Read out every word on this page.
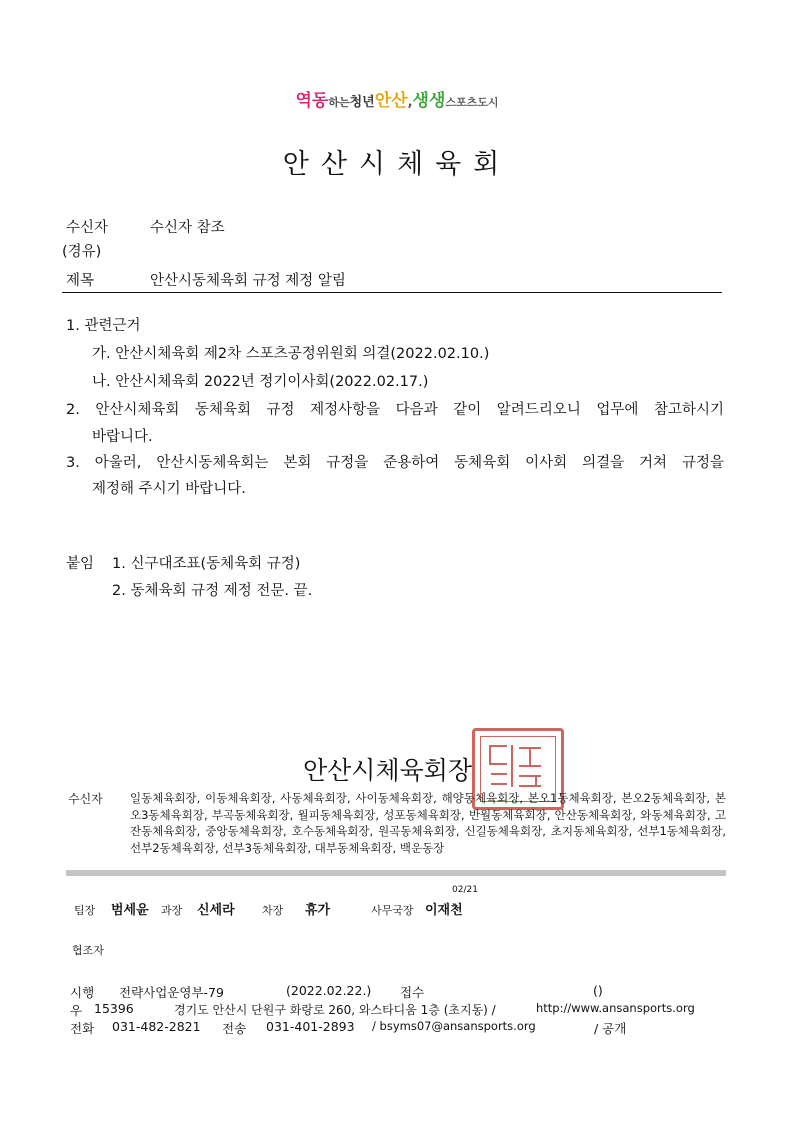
역동하는청년안산,생생스포츠도시
안산시체육회
수신자	수신자 참조
(경유)
제목	안산시동체육회 규정 제정 알림
1. 관련근거
가. 안산시체육회 제2차 스포츠공정위원회 의결(2022.02.10.)
나. 안산시체육회 2022년 정기이사회(2022.02.17.)
2. 안산시체육회 동체육회 규정 제정사항을 다음과 같이 알려드리오니 업무에 참고하시기
바랍니다.
3. 아울러, 안산시동체육회는 본회 규정을 준용하여 동체육회 이사회 의결을 거쳐 규정을
제정해 주시기 바랍니다.
붙임 1. 신구대조표(동체육회 규정)
2. 동체육회 규정 제정 전문. 끝.
안산시체육회장
수신자 일동체육회장, 이동체육회장, 사동체육회장, 사이동체육회장, 해양동체육회장, 본오1동체육회장, 본오2동체육회장, 본오3동체육회장, 부곡동체육회장, 월피동체육회장, 성포동체육회장, 반월동체육회장, 안산동체육회장, 와동체육회장, 고잔동체육회장, 중앙동체육회장, 호수동체육회장, 원곡동체육회장, 신길동체육회장, 초지동체육회장, 선부1동체육회장, 선부2동체육회장, 선부3동체육회장, 대부동체육회장, 백운동장
02/21
팀장 범세윤 과장 신세라 차장 휴가	사무국장 이재천
협조자
시행 전략사업운영부-79	(2022.02.22.) 접수	()
우 15396	경기도 안산시 단원구 화랑로 260, 와스타디움 1층 (초지동) /	http://www.ansansports.org
전화 031-482-2821 전송 031-401-2893 / bsyms07@ansansports.org	/ 공개
